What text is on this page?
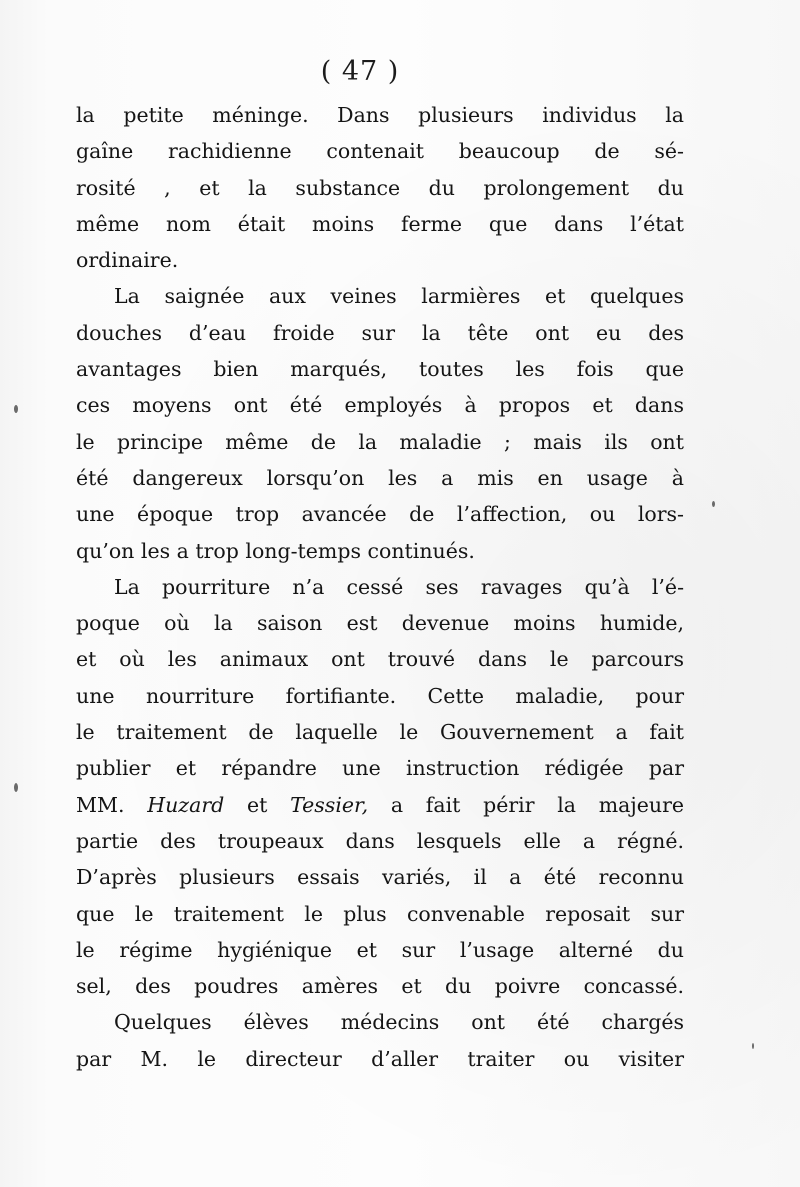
( 47 )
la petite méninge. Dans plusieurs individus la
gaîne rachidienne contenait beaucoup de sé-
rosité , et la substance du prolongement du
même nom était moins ferme que dans l’état
ordinaire.
La saignée aux veines larmières et quelques
douches d’eau froide sur la tête ont eu des
avantages bien marqués, toutes les fois que
ces moyens ont été employés à propos et dans
le principe même de la maladie ; mais ils ont
été dangereux lorsqu’on les a mis en usage à
une époque trop avancée de l’affection, ou lors-
qu’on les a trop long-temps continués.
La pourriture n’a cessé ses ravages qu’à l’é-
poque où la saison est devenue moins humide,
et où les animaux ont trouvé dans le parcours
une nourriture fortifiante. Cette maladie, pour
le traitement de laquelle le Gouvernement a fait
publier et répandre une instruction rédigée par
MM. Huzard et Tessier, a fait périr la majeure
partie des troupeaux dans lesquels elle a régné.
D’après plusieurs essais variés, il a été reconnu
que le traitement le plus convenable reposait sur
le régime hygiénique et sur l’usage alterné du
sel, des poudres amères et du poivre concassé.
Quelques élèves médecins ont été chargés
par M. le directeur d’aller traiter ou visiter
